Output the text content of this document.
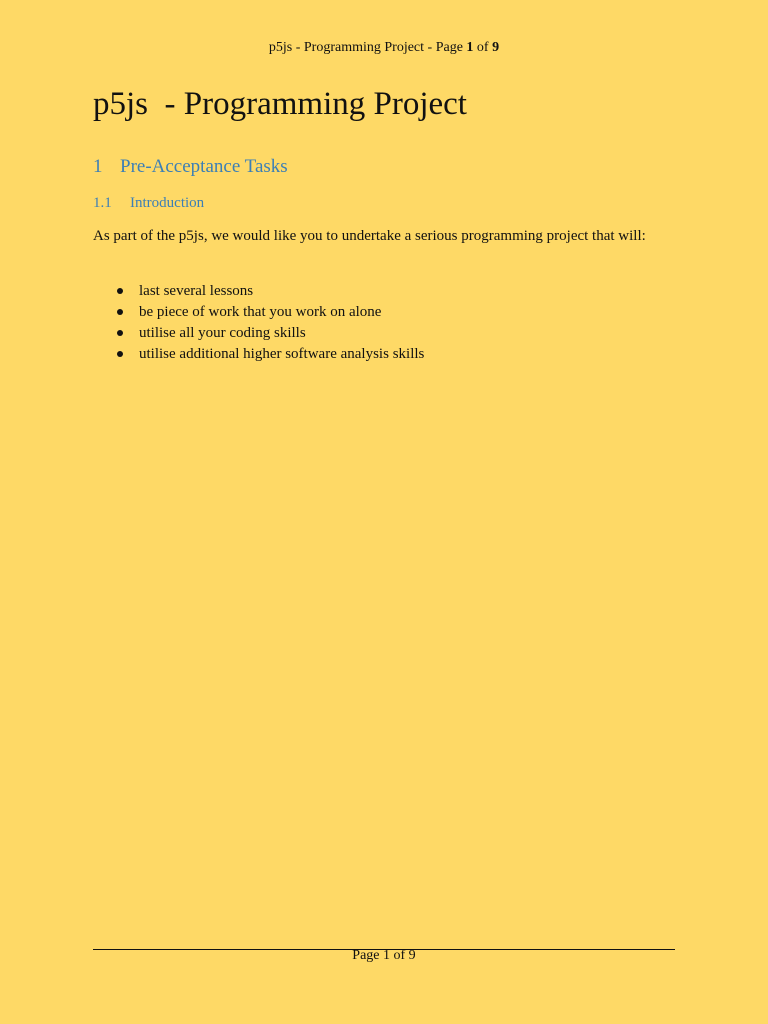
p5js - Programming Project - Page 1 of 9
p5js  - Programming Project
1 Pre-Acceptance Tasks
1.1 Introduction

As part of the p5js, we would like you to undertake a serious programming project that will:

last several lessons
be piece of work that you work on alone
utilise all your coding skills
utilise additional higher software analysis skills
Page 1 of 9
